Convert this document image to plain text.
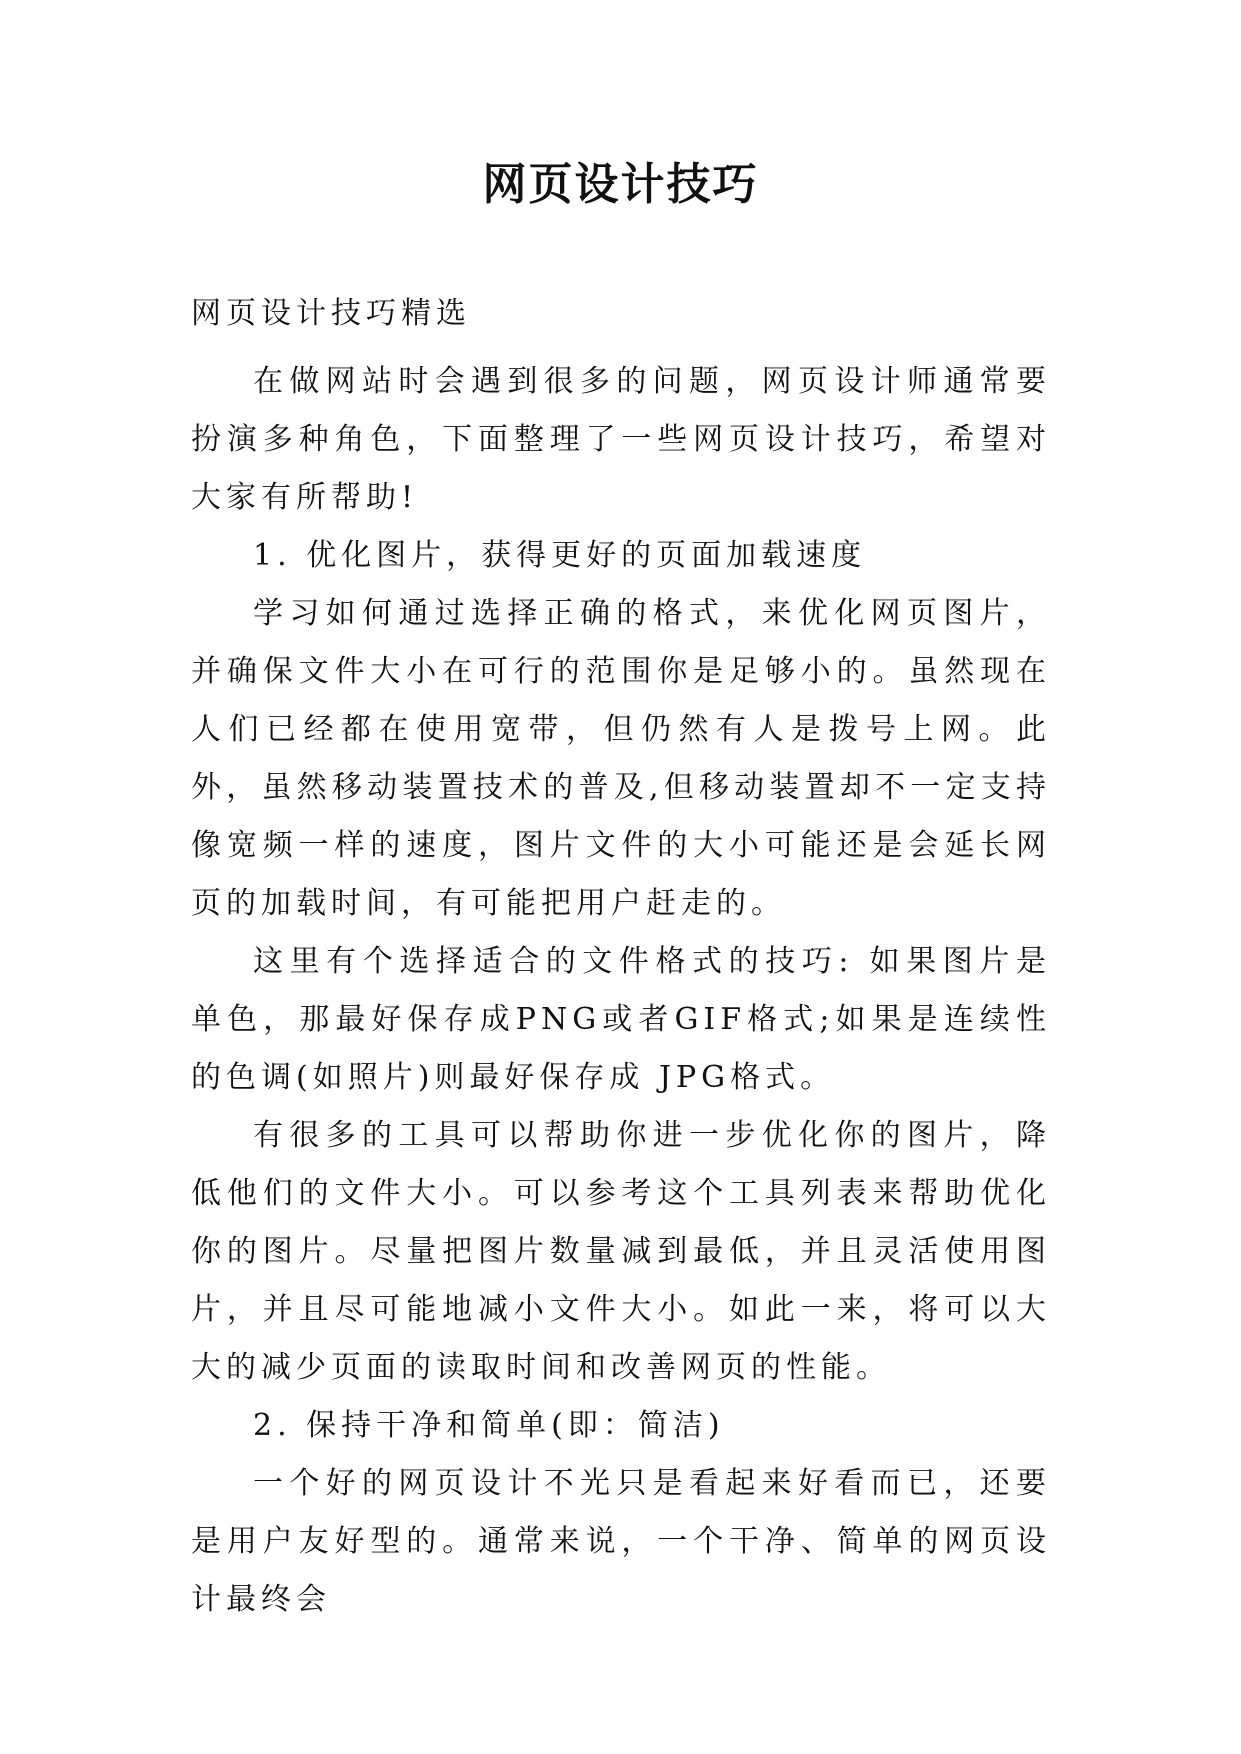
网页设计技巧

网页设计技巧精选

在做网站时会遇到很多的问题，网页设计师通常要扮演多种角色，下面整理了一些网页设计技巧，希望对大家有所帮助!

1. 优化图片，获得更好的页面加载速度

学习如何通过选择正确的格式，来优化网页图片，并确保文件大小在可行的范围你是足够小的。虽然现在人们已经都在使用宽带，但仍然有人是拨号上网。此外，虽然移动装置技术的普及,但移动装置却不一定支持像宽频一样的速度，图片文件的大小可能还是会延长网页的加载时间，有可能把用户赶走的。

这里有个选择适合的文件格式的技巧: 如果图片是单色，那最好保存成PNG或者GIF格式;如果是连续性的色调(如照片)则最好保存成 JPG格式。

有很多的工具可以帮助你进一步优化你的图片，降低他们的文件大小。可以参考这个工具列表来帮助优化你的图片。尽量把图片数量减到最低，并且灵活使用图片，并且尽可能地减小文件大小。如此一来，将可以大大的减少页面的读取时间和改善网页的性能。

2. 保持干净和简单(即：简洁)

一个好的网页设计不光只是看起来好看而已，还要是用户友好型的。通常来说，一个干净、简单的网页设计最终会
